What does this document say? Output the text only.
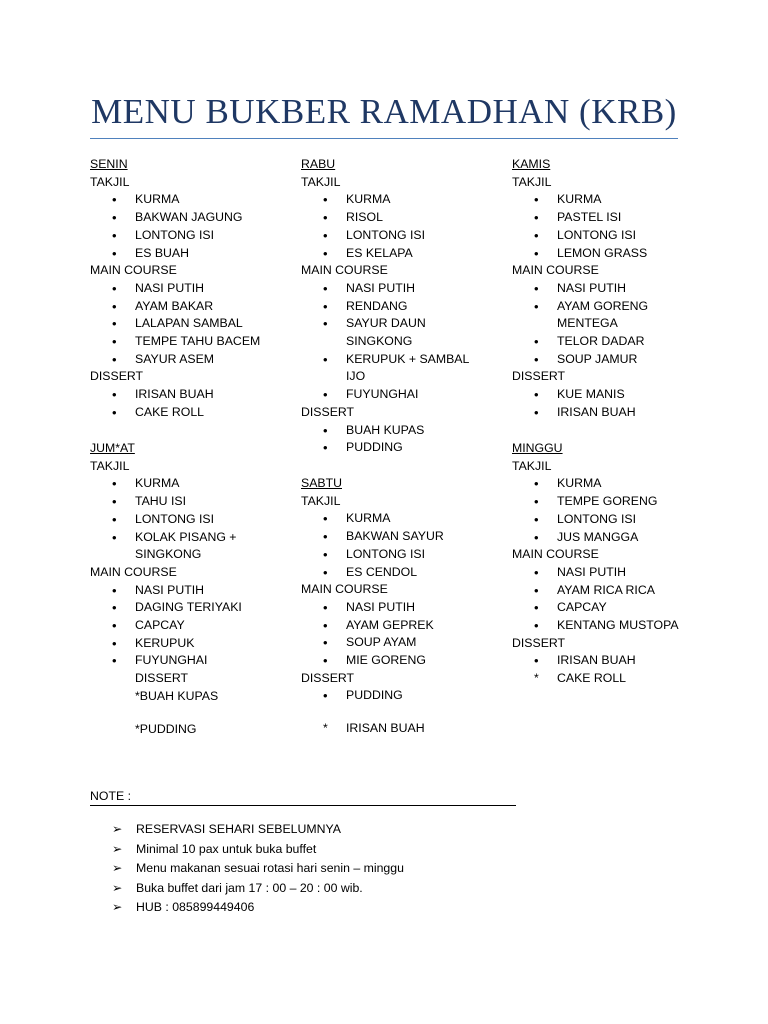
MENU BUKBER RAMADHAN (KRB)
SENIN
TAKJIL
• KURMA
• BAKWAN JAGUNG
• LONTONG ISI
• ES BUAH
MAIN COURSE
• NASI PUTIH
• AYAM BAKAR
• LALAPAN SAMBAL
• TEMPE TAHU BACEM
• SAYUR ASEM
DISSERT
• IRISAN BUAH
• CAKE ROLL
JUM*AT
TAKJIL
• KURMA
• TAHU ISI
• LONTONG ISI
• KOLAK PISANG + SINGKONG
MAIN COURSE
• NASI PUTIH
• DAGING TERIYAKI
• CAPCAY
• KERUPUK
• FUYUNGHAI
DISSERT
*BUAH KUPAS
*PUDDING
RABU
TAKJIL
• KURMA
• RISOL
• LONTONG ISI
• ES KELAPA
MAIN COURSE
• NASI PUTIH
• RENDANG
• SAYUR DAUN SINGKONG
• KERUPUK + SAMBAL IJO
• FUYUNGHAI
DISSERT
• BUAH KUPAS
• PUDDING
SABTU
TAKJIL
• KURMA
• BAKWAN SAYUR
• LONTONG ISI
• ES CENDOL
MAIN COURSE
• NASI PUTIH
• AYAM GEPREK
• SOUP AYAM
• MIE GORENG
DISSERT
• PUDDING
* IRISAN BUAH
KAMIS
TAKJIL
• KURMA
• PASTEL ISI
• LONTONG ISI
• LEMON GRASS
MAIN COURSE
• NASI PUTIH
• AYAM GORENG MENTEGA
• TELOR DADAR
• SOUP JAMUR
DISSERT
• KUE MANIS
• IRISAN BUAH
MINGGU
TAKJIL
• KURMA
• TEMPE GORENG
• LONTONG ISI
• JUS MANGGA
MAIN COURSE
• NASI PUTIH
• AYAM RICA RICA
• CAPCAY
• KENTANG MUSTOPA
DISSERT
• IRISAN BUAH
* CAKE ROLL
NOTE :
➢ RESERVASI SEHARI SEBELUMNYA
➢ Minimal 10 pax untuk buka buffet
➢ Menu makanan sesuai rotasi hari senin – minggu
➢ Buka buffet dari jam 17 : 00 – 20 : 00 wib.
➢ HUB : 085899449406
